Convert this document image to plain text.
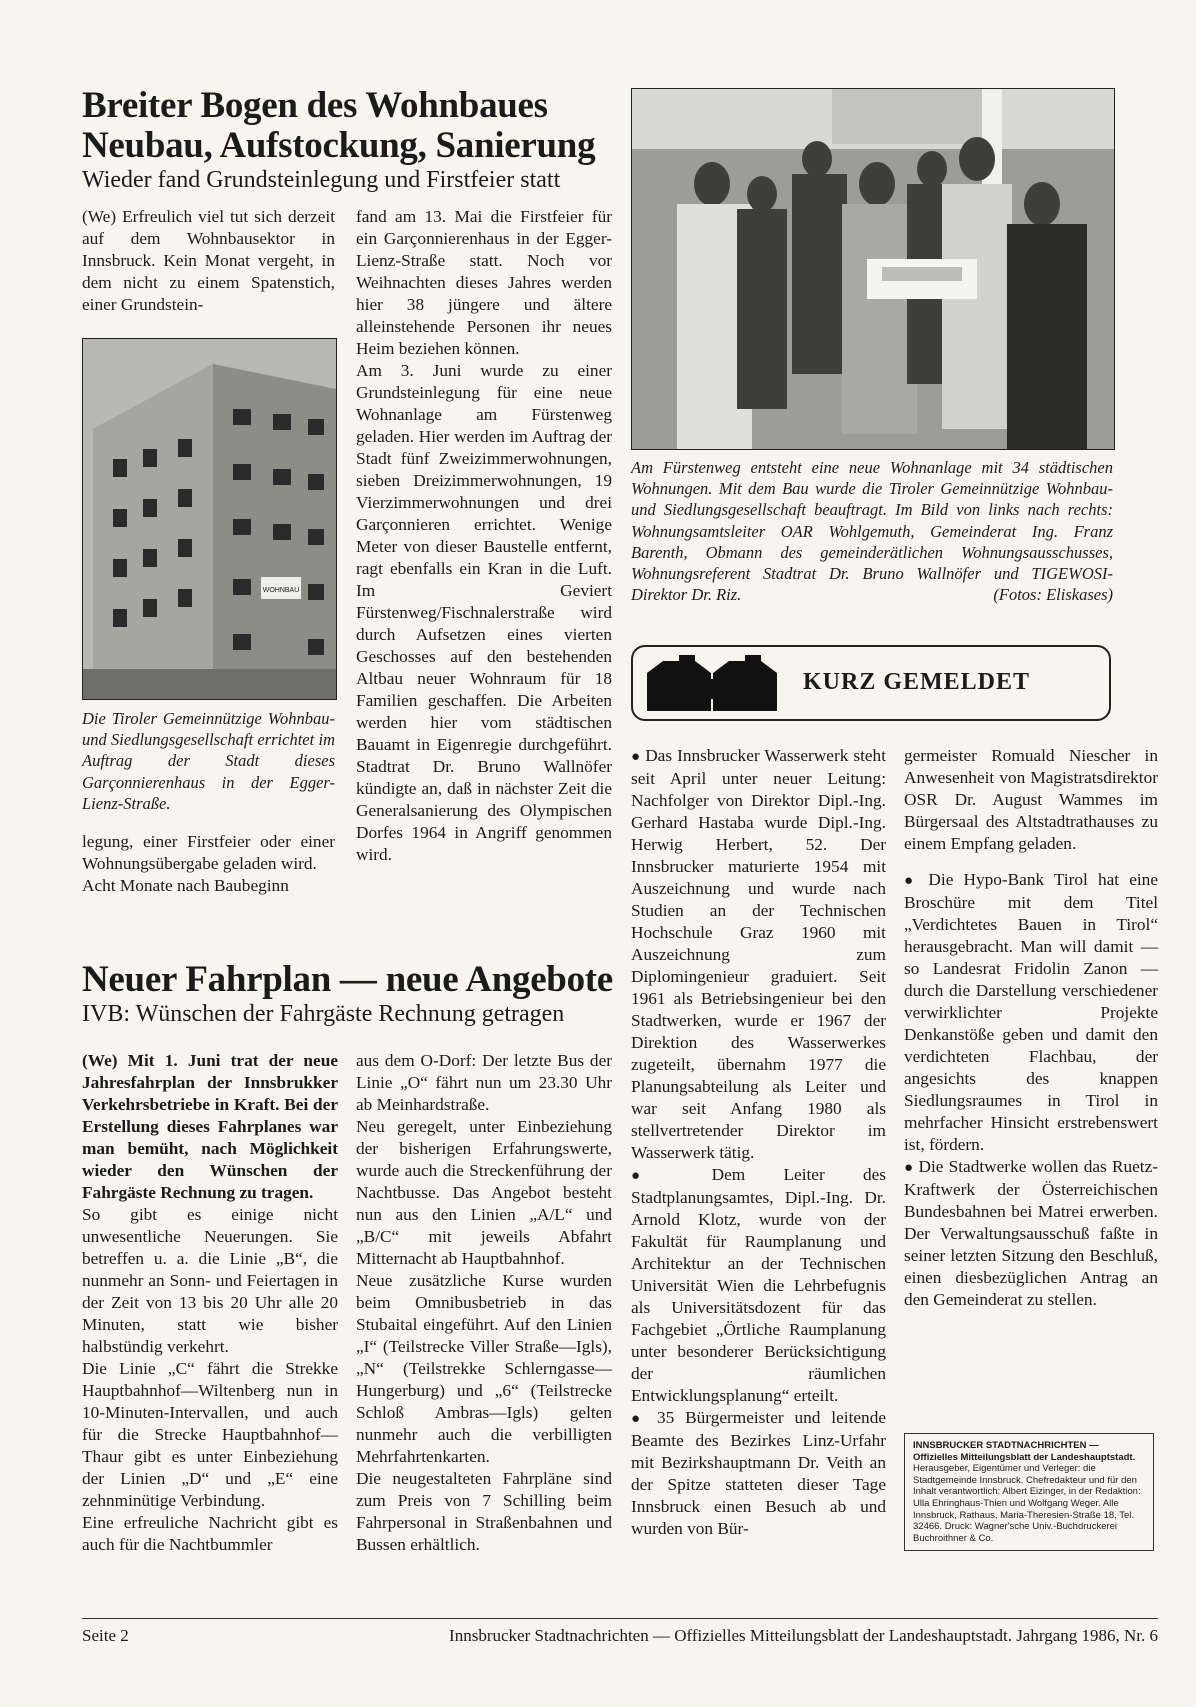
Breiter Bogen des Wohnbaues
Neubau, Aufstockung, Sanierung

Wieder fand Grundsteinlegung und Firstfeier statt

(We) Erfreulich viel tut sich derzeit auf dem Wohnbausektor in Innsbruck. Kein Monat vergeht, in dem nicht zu einem Spatenstich, einer Grundstein-

WOHNBAU
Die Tiroler Gemeinnützige Wohnbau- und Siedlungsgesellschaft errichtet im Auftrag der Stadt dieses Garçonnierenhaus in der Egger-Lienz-Straße.

legung, einer Firstfeier oder einer Wohnungsübergabe geladen wird.

Acht Monate nach Baubeginn

fand am 13. Mai die Firstfeier für ein Garçonnierenhaus in der Egger-Lienz-Straße statt. Noch vor Weihnachten dieses Jahres werden hier 38 jüngere und ältere alleinstehende Personen ihr neues Heim beziehen können.

Am 3. Juni wurde zu einer Grundsteinlegung für eine neue Wohnanlage am Fürstenweg geladen. Hier werden im Auftrag der Stadt fünf Zweizimmerwohnungen, sieben Dreizimmerwohnungen, 19 Vierzimmerwohnungen und drei Garçonnieren errichtet. Wenige Meter von dieser Baustelle entfernt, ragt ebenfalls ein Kran in die Luft. Im Geviert Fürstenweg/Fischnalerstraße wird durch Aufsetzen eines vierten Geschosses auf den bestehenden Altbau neuer Wohnraum für 18 Familien geschaffen. Die Arbeiten werden hier vom städtischen Bauamt in Eigenregie durchgeführt. Stadtrat Dr. Bruno Wallnöfer kündigte an, daß in nächster Zeit die Generalsanierung des Olympischen Dorfes 1964 in Angriff genommen wird.

Am Fürstenweg entsteht eine neue Wohnanlage mit 34 städtischen Wohnungen. Mit dem Bau wurde die Tiroler Gemeinnützige Wohnbau- und Siedlungsgesellschaft beauftragt. Im Bild von links nach rechts: Wohnungsamtsleiter OAR Wohlgemuth, Gemeinderat Ing. Franz Barenth, Obmann des gemeinderätlichen Wohnungsausschusses, Wohnungsreferent Stadtrat Dr. Bruno Wallnöfer und TIGEWOSI-Direktor Dr. Riz.	(Fotos: Eliskases)
KURZ GEMELDET

● Das Innsbrucker Wasserwerk steht seit April unter neuer Leitung: Nachfolger von Direktor Dipl.-Ing. Gerhard Hastaba wurde Dipl.-Ing. Herwig Herbert, 52. Der Innsbrucker maturierte 1954 mit Auszeichnung und wurde nach Studien an der Technischen Hochschule Graz 1960 mit Auszeichnung zum Diplomingenieur graduiert. Seit 1961 als Betriebsingenieur bei den Stadtwerken, wurde er 1967 der Direktion des Wasserwerkes zugeteilt, übernahm 1977 die Planungsabteilung als Leiter und war seit Anfang 1980 als stellvertretender Direktor im Wasserwerk tätig.

● Dem Leiter des Stadtplanungsamtes, Dipl.-Ing. Dr. Arnold Klotz, wurde von der Fakultät für Raumplanung und Architektur an der Technischen Universität Wien die Lehrbefugnis als Universitätsdozent für das Fachgebiet „Örtliche Raumplanung unter besonderer Berücksichtigung der räumlichen Entwicklungsplanung“ erteilt.

● 35 Bürgermeister und leitende Beamte des Bezirkes Linz-Urfahr mit Bezirkshauptmann Dr. Veith an der Spitze statteten dieser Tage Innsbruck einen Besuch ab und wurden von Bür-

germeister Romuald Niescher in Anwesenheit von Magistratsdirektor OSR Dr. August Wammes im Bürgersaal des Altstadtrathauses zu einem Empfang geladen.

● Die Hypo-Bank Tirol hat eine Broschüre mit dem Titel „Verdichtetes Bauen in Tirol“ herausgebracht. Man will damit — so Landesrat Fridolin Zanon — durch die Darstellung verschiedener verwirklichter Projekte Denkanstöße geben und damit den verdichteten Flachbau, der angesichts des knappen Siedlungsraumes in Tirol in mehrfacher Hinsicht erstrebenswert ist, fördern.

● Die Stadtwerke wollen das Ruetz-Kraftwerk der Österreichischen Bundesbahnen bei Matrei erwerben. Der Verwaltungsausschuß faßte in seiner letzten Sitzung den Beschluß, einen diesbezüglichen Antrag an den Gemeinderat zu stellen.

INNSBRUCKER STADTNACHRICHTEN — Offizielles Mitteilungsblatt der Landeshauptstadt. Herausgeber, Eigentümer und Verleger: die Stadtgemeinde Innsbruck. Chefredakteur und für den Inhalt verantwortlich: Albert Eizinger, in der Redaktion: Ulla Ehringhaus-Thien und Wolfgang Weger. Alle Innsbruck, Rathaus, Maria-Theresien-Straße 18, Tel. 32466. Druck: Wagner'sche Univ.-Buchdruckerei Buchroithner & Co.
Neuer Fahrplan — neue Angebote

IVB: Wünschen der Fahrgäste Rechnung getragen

(We) Mit 1. Juni trat der neue Jahresfahrplan der Innsbrukker Verkehrsbetriebe in Kraft. Bei der Erstellung dieses Fahrplanes war man bemüht, nach Möglichkeit wieder den Wünschen der Fahrgäste Rechnung zu tragen.

So gibt es einige nicht unwesentliche Neuerungen. Sie betreffen u. a. die Linie „B“, die nunmehr an Sonn- und Feiertagen in der Zeit von 13 bis 20 Uhr alle 20 Minuten, statt wie bisher halbstündig verkehrt.

Die Linie „C“ fährt die Strekke Hauptbahnhof—Wiltenberg nun in 10-Minuten-Intervallen, und auch für die Strecke Hauptbahnhof—Thaur gibt es unter Einbeziehung der Linien „D“ und „E“ eine zehnminütige Verbindung.

Eine erfreuliche Nachricht gibt es auch für die Nachtbummler

aus dem O-Dorf: Der letzte Bus der Linie „O“ fährt nun um 23.30 Uhr ab Meinhardstraße.

Neu geregelt, unter Einbeziehung der bisherigen Erfahrungswerte, wurde auch die Streckenführung der Nachtbusse. Das Angebot besteht nun aus den Linien „A/L“ und „B/C“ mit jeweils Abfahrt Mitternacht ab Hauptbahnhof.

Neue zusätzliche Kurse wurden beim Omnibusbetrieb in das Stubaital eingeführt. Auf den Linien „I“ (Teilstrecke Viller Straße—Igls), „N“ (Teilstrekke Schlerngasse—Hungerburg) und „6“ (Teilstrecke Schloß Ambras—Igls) gelten nunmehr auch die verbilligten Mehrfahrtenkarten.

Die neugestalteten Fahrpläne sind zum Preis von 7 Schilling beim Fahrpersonal in Straßenbahnen und Bussen erhältlich.

Seite 2	Innsbrucker Stadtnachrichten — Offizielles Mitteilungsblatt der Landeshauptstadt. Jahrgang 1986, Nr. 6
